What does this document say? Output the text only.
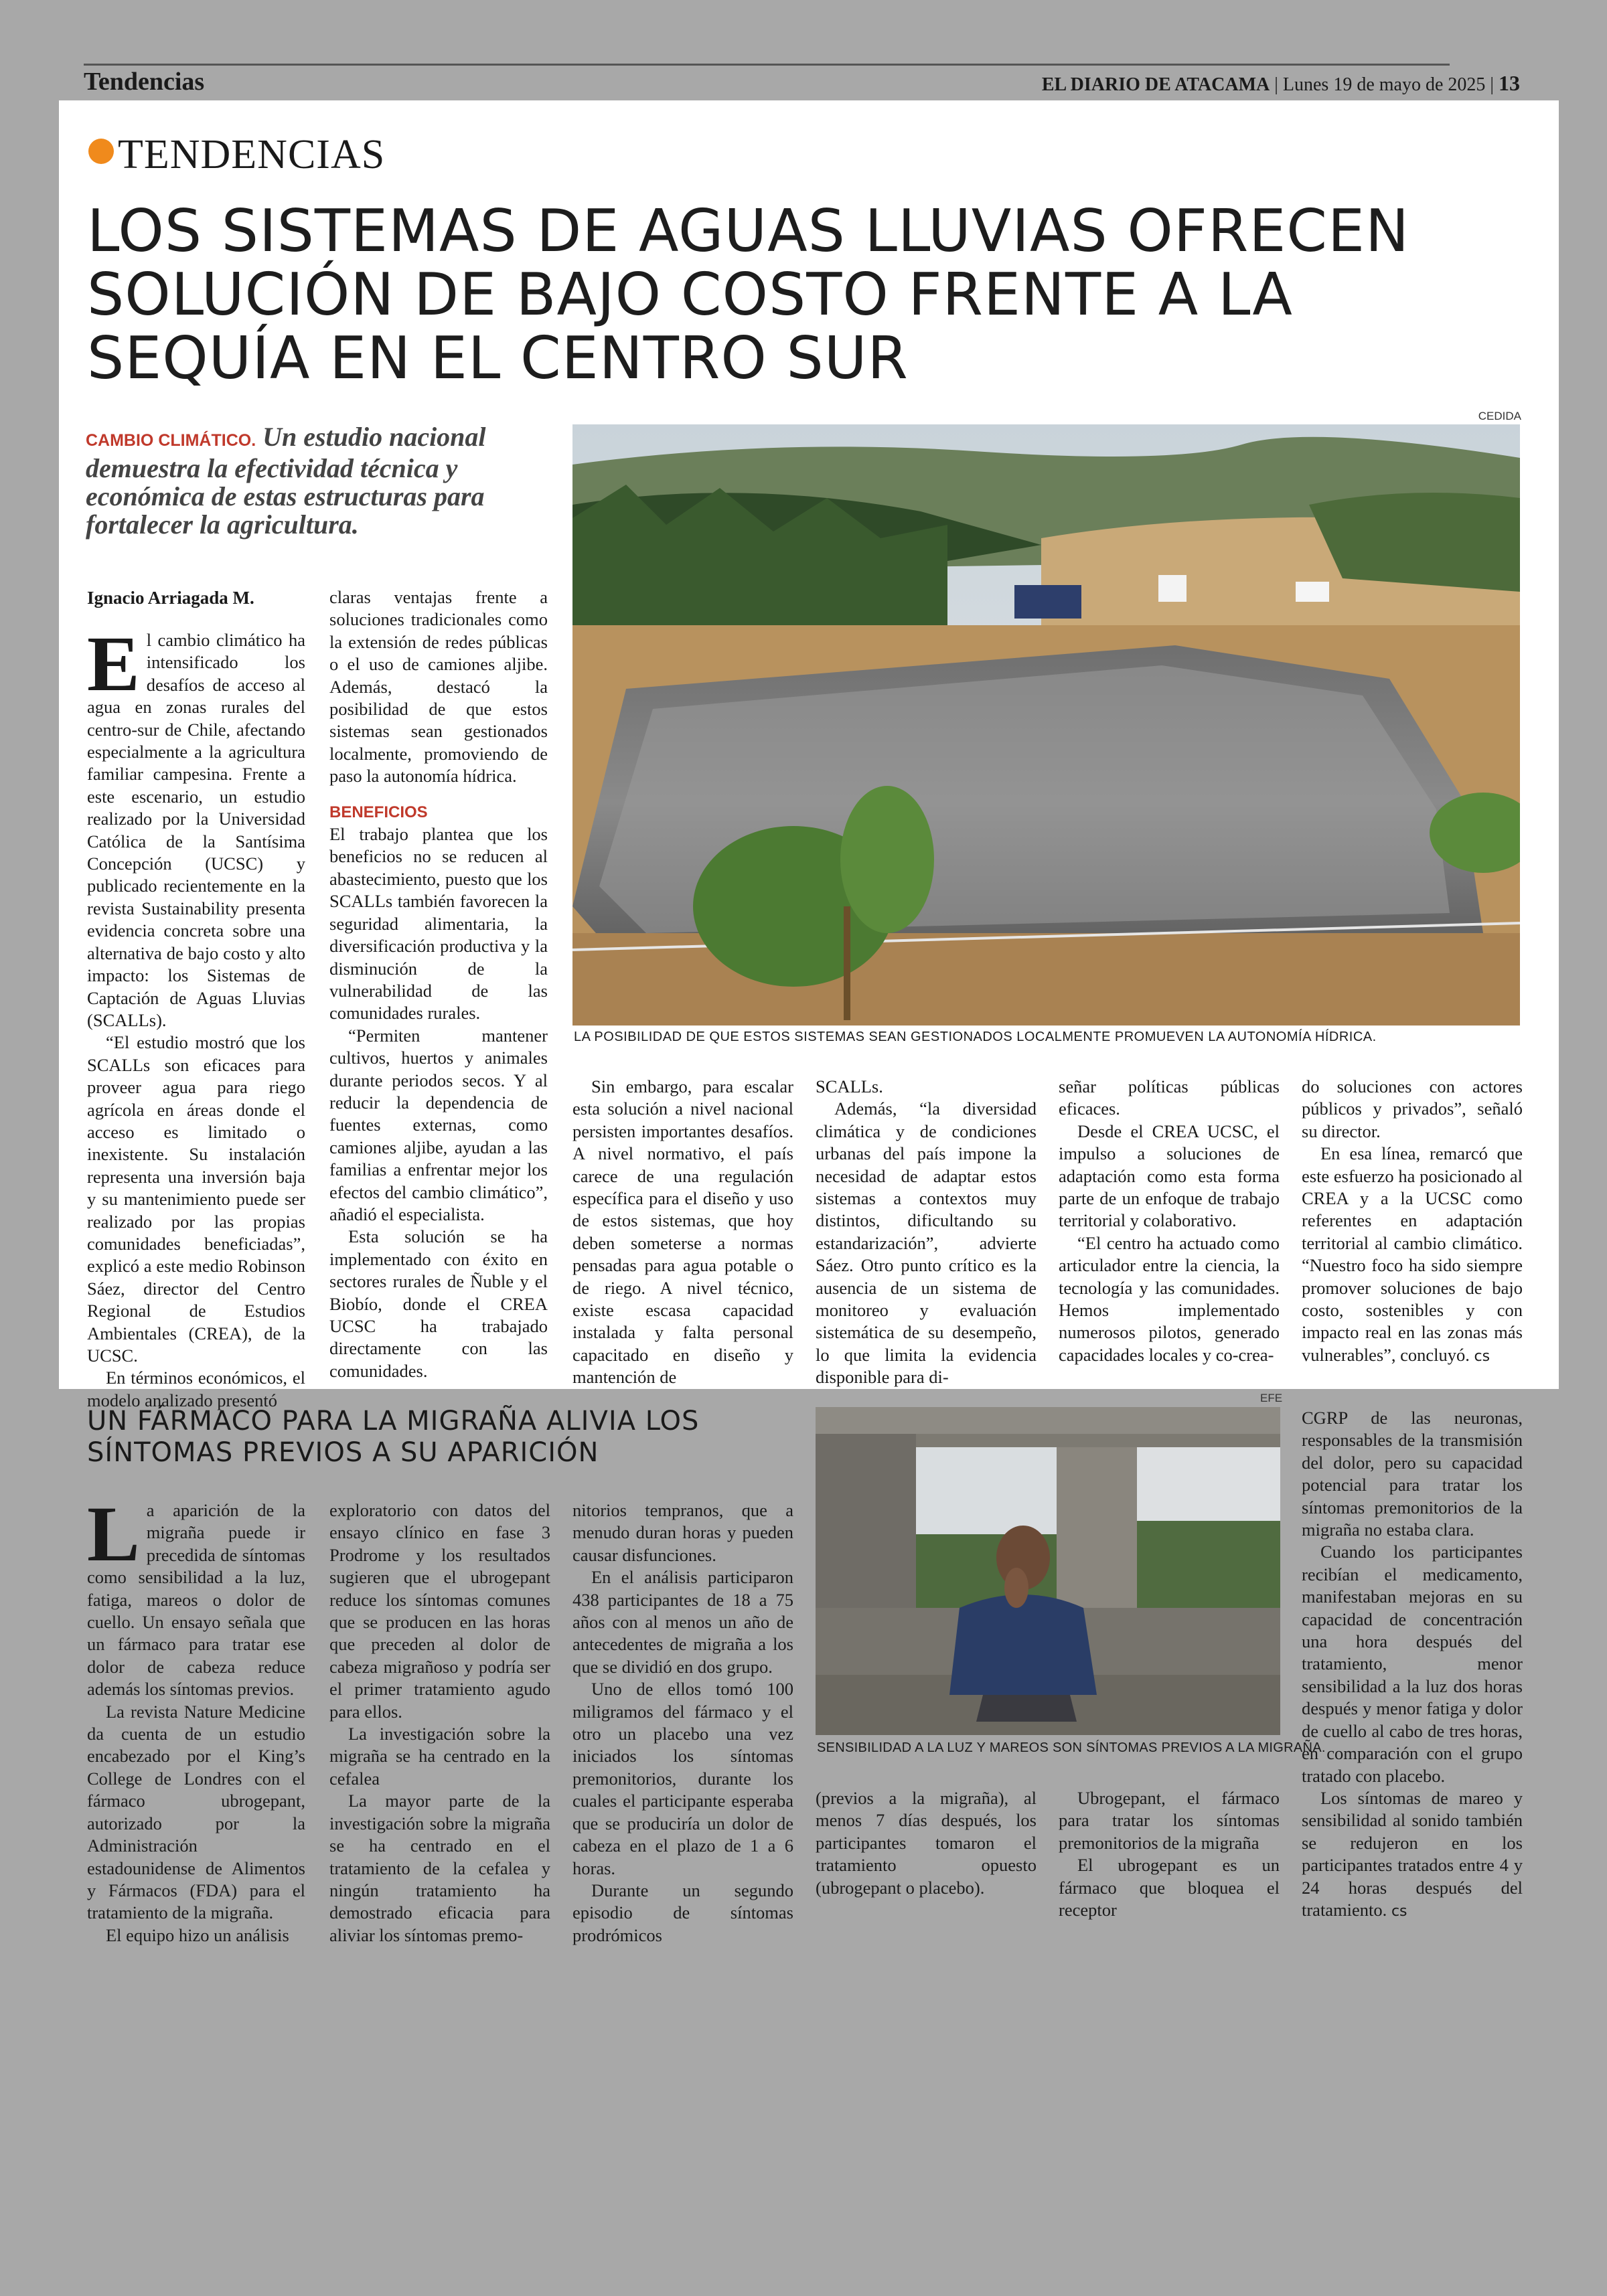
Tendencias	EL DIARIO DE ATACAMA | Lunes 19 de mayo de 2025 | 13
TENDENCIAS
LOS SISTEMAS DE AGUAS LLUVIAS OFRECEN SOLUCIÓN DE BAJO COSTO FRENTE A LA SEQUÍA EN EL CENTRO SUR
CEDIDA
CAMBIO CLIMÁTICO. Un estudio nacional demuestra la efectividad técnica y económica de estas estructuras para fortalecer la agricultura.
Ignacio Arriagada M.
LA POSIBILIDAD DE QUE ESTOS SISTEMAS SEAN GESTIONADOS LOCALMENTE PROMUEVEN LA AUTONOMÍA HÍDRICA.
E l cambio climático ha intensificado los desafíos de acceso al agua en zonas rurales del centro-sur de Chile, afectando especialmente a la agricultura familiar campesina. Frente a este escenario, un estudio realizado por la Universidad Católica de la Santísima Concepción (UCSC) y publicado recientemente en la revista Sustainability presenta evidencia concreta sobre una alternativa de bajo costo y alto impacto: los Sistemas de Captación de Aguas Lluvias (SCALLs).

“El estudio mostró que los SCALLs son eficaces para proveer agua para riego agrícola en áreas donde el acceso es limitado o inexistente. Su instalación representa una inversión baja y su mantenimiento puede ser realizado por las propias comunidades beneficiadas”, explicó a este medio Robinson Sáez, director del Centro Regional de Estudios Ambientales (CREA), de la UCSC.

En términos económicos, el modelo analizado presentó

claras ventajas frente a soluciones tradicionales como la extensión de redes públicas o el uso de camiones aljibe. Además, destacó la posibilidad de que estos sistemas sean gestionados localmente, promoviendo de paso la autonomía hídrica.

BENEFICIOS

El trabajo plantea que los beneficios no se reducen al abastecimiento, puesto que los SCALLs también favorecen la seguridad alimentaria, la diversificación productiva y la disminución de la vulnerabilidad de las comunidades rurales.

“Permiten mantener cultivos, huertos y animales durante periodos secos. Y al reducir la dependencia de fuentes externas, como camiones aljibe, ayudan a las familias a enfrentar mejor los efectos del cambio climático”, añadió el especialista.

Esta solución se ha implementado con éxito en sectores rurales de Ñuble y el Biobío, donde el CREA UCSC ha trabajado directamente con las comunidades.

Sin embargo, para escalar esta solución a nivel nacional persisten importantes desafíos. A nivel normativo, el país carece de una regulación específica para el diseño y uso de estos sistemas, que hoy deben someterse a normas pensadas para agua potable o de riego. A nivel técnico, existe escasa capacidad instalada y falta personal capacitado en diseño y mantención de

SCALLs.

Además, “la diversidad climática y de condiciones urbanas del país impone la necesidad de adaptar estos sistemas a contextos muy distintos, dificultando su estandarización”, advierte Sáez. Otro punto crítico es la ausencia de un sistema de monitoreo y evaluación sistemática de su desempeño, lo que limita la evidencia disponible para di-

señar políticas públicas eficaces.

Desde el CREA UCSC, el impulso a soluciones de adaptación como esta forma parte de un enfoque de trabajo territorial y colaborativo.

“El centro ha actuado como articulador entre la ciencia, la tecnología y las comunidades. Hemos implementado numerosos pilotos, generado capacidades locales y co-crea-

do soluciones con actores públicos y privados”, señaló su director.

En esa línea, remarcó que este esfuerzo ha posicionado al CREA y a la UCSC como referentes en adaptación territorial al cambio climático. “Nuestro foco ha sido siempre promover soluciones de bajo costo, sostenibles y con impacto real en las zonas más vulnerables”, concluyó. cs

UN FÁRMACO PARA LA MIGRAÑA ALIVIA LOS SÍNTOMAS PREVIOS A SU APARICIÓN
EFE
SENSIBILIDAD A LA LUZ Y MAREOS SON SÍNTOMAS PREVIOS A LA MIGRAÑA.
L a aparición de la migraña puede ir precedida de síntomas como sensibilidad a la luz, fatiga, mareos o dolor de cuello. Un ensayo señala que un fármaco para tratar ese dolor de cabeza reduce además los síntomas previos.

La revista Nature Medicine da cuenta de un estudio encabezado por el King’s College de Londres con el fármaco ubrogepant, autorizado por la Administración estadounidense de Alimentos y Fármacos (FDA) para el tratamiento de la migraña.

El equipo hizo un análisis

exploratorio con datos del ensayo clínico en fase 3 Prodrome y los resultados sugieren que el ubrogepant reduce los síntomas comunes que se producen en las horas que preceden al dolor de cabeza migrañoso y podría ser el primer tratamiento agudo para ellos.

La investigación sobre la migraña se ha centrado en la cefalea

La mayor parte de la investigación sobre la migraña se ha centrado en el tratamiento de la cefalea y ningún tratamiento ha demostrado eficacia para aliviar los síntomas premo-

nitorios tempranos, que a menudo duran horas y pueden causar disfunciones.

En el análisis participaron 438 participantes de 18 a 75 años con al menos un año de antecedentes de migraña a los que se dividió en dos grupo.

Uno de ellos tomó 100 miligramos del fármaco y el otro un placebo una vez iniciados los síntomas premonitorios, durante los cuales el participante esperaba que se produciría un dolor de cabeza en el plazo de 1 a 6 horas.

Durante un segundo episodio de síntomas prodrómicos

(previos a la migraña), al menos 7 días después, los participantes tomaron el tratamiento opuesto (ubrogepant o placebo).

Ubrogepant, el fármaco para tratar los síntomas premonitorios de la migraña

El ubrogepant es un fármaco que bloquea el receptor

CGRP de las neuronas, responsables de la transmisión del dolor, pero su capacidad potencial para tratar los síntomas premonitorios de la migraña no estaba clara.

Cuando los participantes recibían el medicamento, manifestaban mejoras en su capacidad de concentración una hora después del tratamiento, menor sensibilidad a la luz dos horas después y menor fatiga y dolor de cuello al cabo de tres horas, en comparación con el grupo tratado con placebo.

Los síntomas de mareo y sensibilidad al sonido también se redujeron en los participantes tratados entre 4 y 24 horas después del tratamiento. cs
